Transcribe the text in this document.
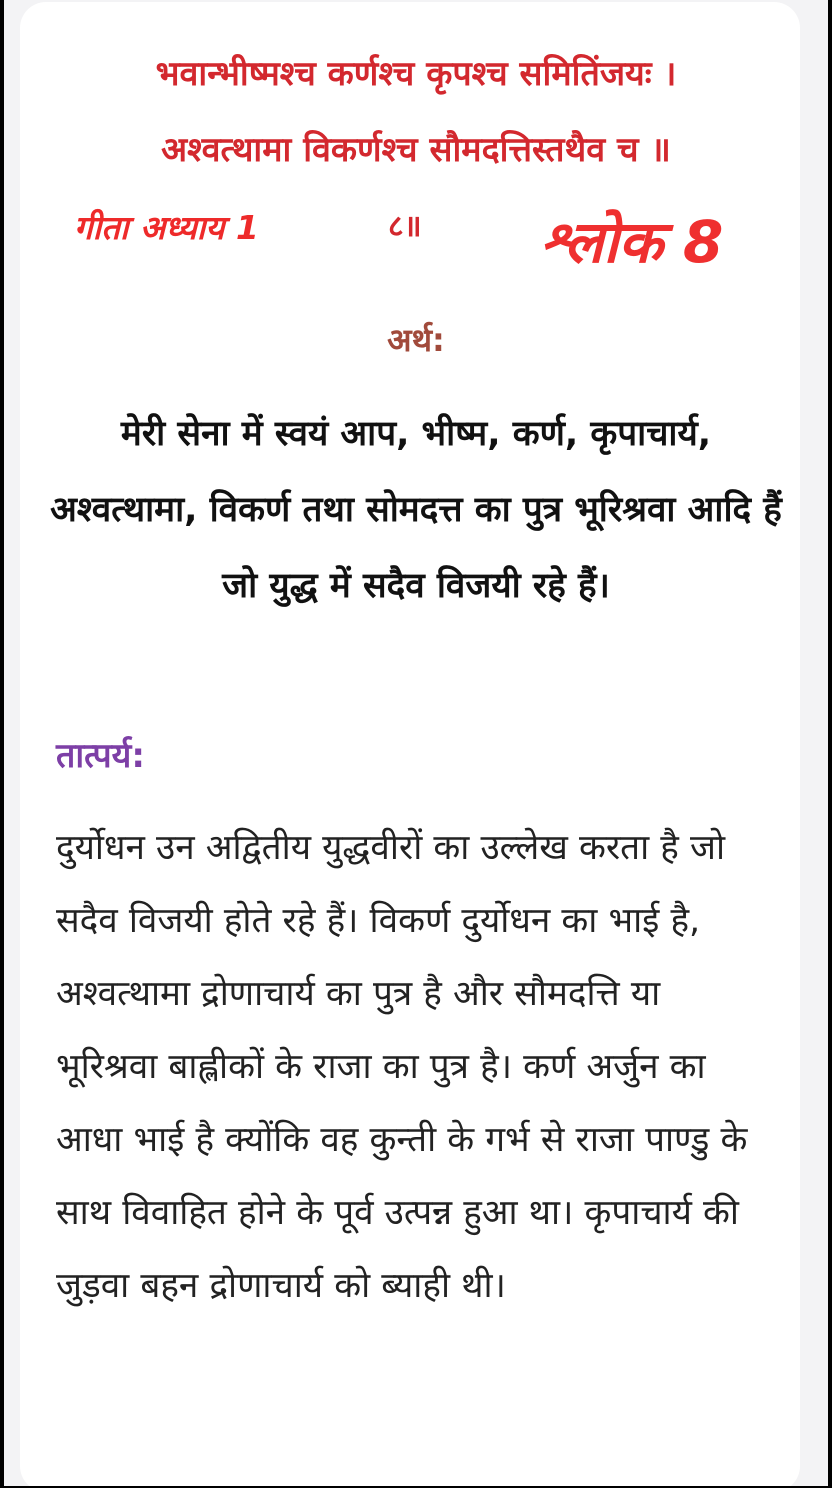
भवान्भीष्मश्च कर्णश्च कृपश्च समितिंजयः ।
अश्वत्थामा विकर्णश्च सौमदत्तिस्तथैव च ॥
गीता अध्याय 1	८॥ श्लोक 8
अर्थ:
मेरी सेना में स्वयं आप, भीष्म, कर्ण, कृपाचार्य, अश्वत्थामा, विकर्ण तथा सोमदत्त का पुत्र भूरिश्रवा आदि हैं जो युद्ध में सदैव विजयी रहे हैं।
तात्पर्य:
दुर्योधन उन अद्वितीय युद्धवीरों का उल्लेख करता है जो सदैव विजयी होते रहे हैं। विकर्ण दुर्योधन का भाई है, अश्वत्थामा द्रोणाचार्य का पुत्र है और सौमदत्ति या भूरिश्रवा बाह्लीकों के राजा का पुत्र है। कर्ण अर्जुन का आधा भाई है क्योंकि वह कुन्ती के गर्भ से राजा पाण्डु के साथ विवाहित होने के पूर्व उत्पन्न हुआ था। कृपाचार्य की जुड़वा बहन द्रोणाचार्य को ब्याही थी।
